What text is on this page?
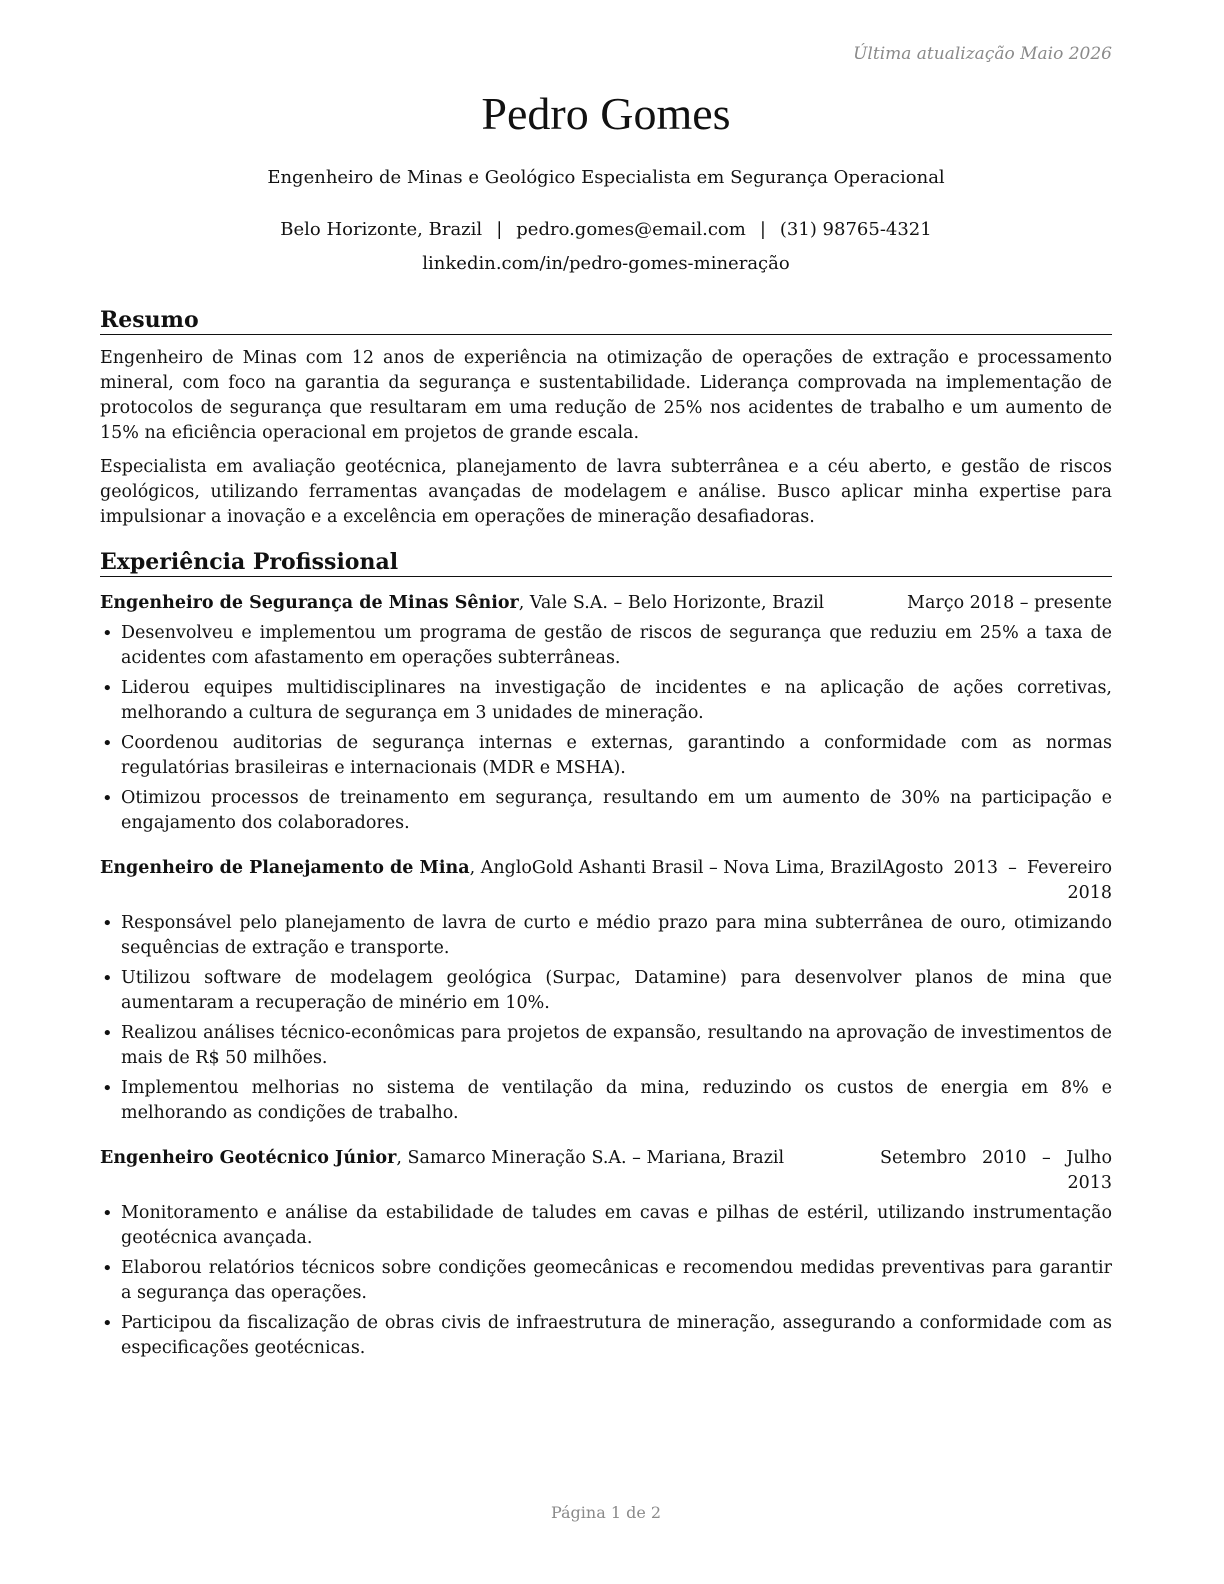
Última atualização Maio 2026
Pedro Gomes
Engenheiro de Minas e Geológico Especialista em Segurança Operacional
Belo Horizonte, Brazil | pedro.gomes@email.com | (31) 98765-4321
linkedin.com/in/pedro-gomes-mineração
Resumo

Engenheiro de Minas com 12 anos de experiência na otimização de operações de extração e processamento mineral, com foco na garantia da segurança e sustentabilidade. Liderança comprovada na implementação de protocolos de segurança que resultaram em uma redução de 25% nos acidentes de trabalho e um aumento de 15% na eficiência operacional em projetos de grande escala.

Especialista em avaliação geotécnica, planejamento de lavra subterrânea e a céu aberto, e gestão de riscos geológicos, utilizando ferramentas avançadas de modelagem e análise. Busco aplicar minha expertise para impulsionar a inovação e a excelência em operações de mineração desafiadoras.

Experiência Profissional
Engenheiro de Segurança de Minas Sênior, Vale S.A. – Belo Horizonte, Brazil	Março 2018 – presente
• Desenvolveu e implementou um programa de gestão de riscos de segurança que reduziu em 25% a taxa de acidentes com afastamento em operações subterrâneas.
• Liderou equipes multidisciplinares na investigação de incidentes e na aplicação de ações corretivas, melhorando a cultura de segurança em 3 unidades de mineração.
• Coordenou auditorias de segurança internas e externas, garantindo a conformidade com as normas regulatórias brasileiras e internacionais (MDR e MSHA).
• Otimizou processos de treinamento em segurança, resultando em um aumento de 30% na participação e engajamento dos colaboradores.
Engenheiro de Planejamento de Mina, AngloGold Ashanti Brasil – Nova Lima, Brazil Agosto 2013 – Fevereiro 2018
• Responsável pelo planejamento de lavra de curto e médio prazo para mina subterrânea de ouro, otimizando sequências de extração e transporte.
• Utilizou software de modelagem geológica (Surpac, Datamine) para desenvolver planos de mina que aumentaram a recuperação de minério em 10%.
• Realizou análises técnico-econômicas para projetos de expansão, resultando na aprovação de investimentos de mais de R$ 50 milhões.
• Implementou melhorias no sistema de ventilação da mina, reduzindo os custos de energia em 8% e melhorando as condições de trabalho.
Engenheiro Geotécnico Júnior, Samarco Mineração S.A. – Mariana, Brazil	Setembro 2010 – Julho 2013
• Monitoramento e análise da estabilidade de taludes em cavas e pilhas de estéril, utilizando instrumentação geotécnica avançada.
• Elaborou relatórios técnicos sobre condições geomecânicas e recomendou medidas preventivas para garantir a segurança das operações.
• Participou da fiscalização de obras civis de infraestrutura de mineração, assegurando a conformidade com as especificações geotécnicas.
Página 1 de 2
